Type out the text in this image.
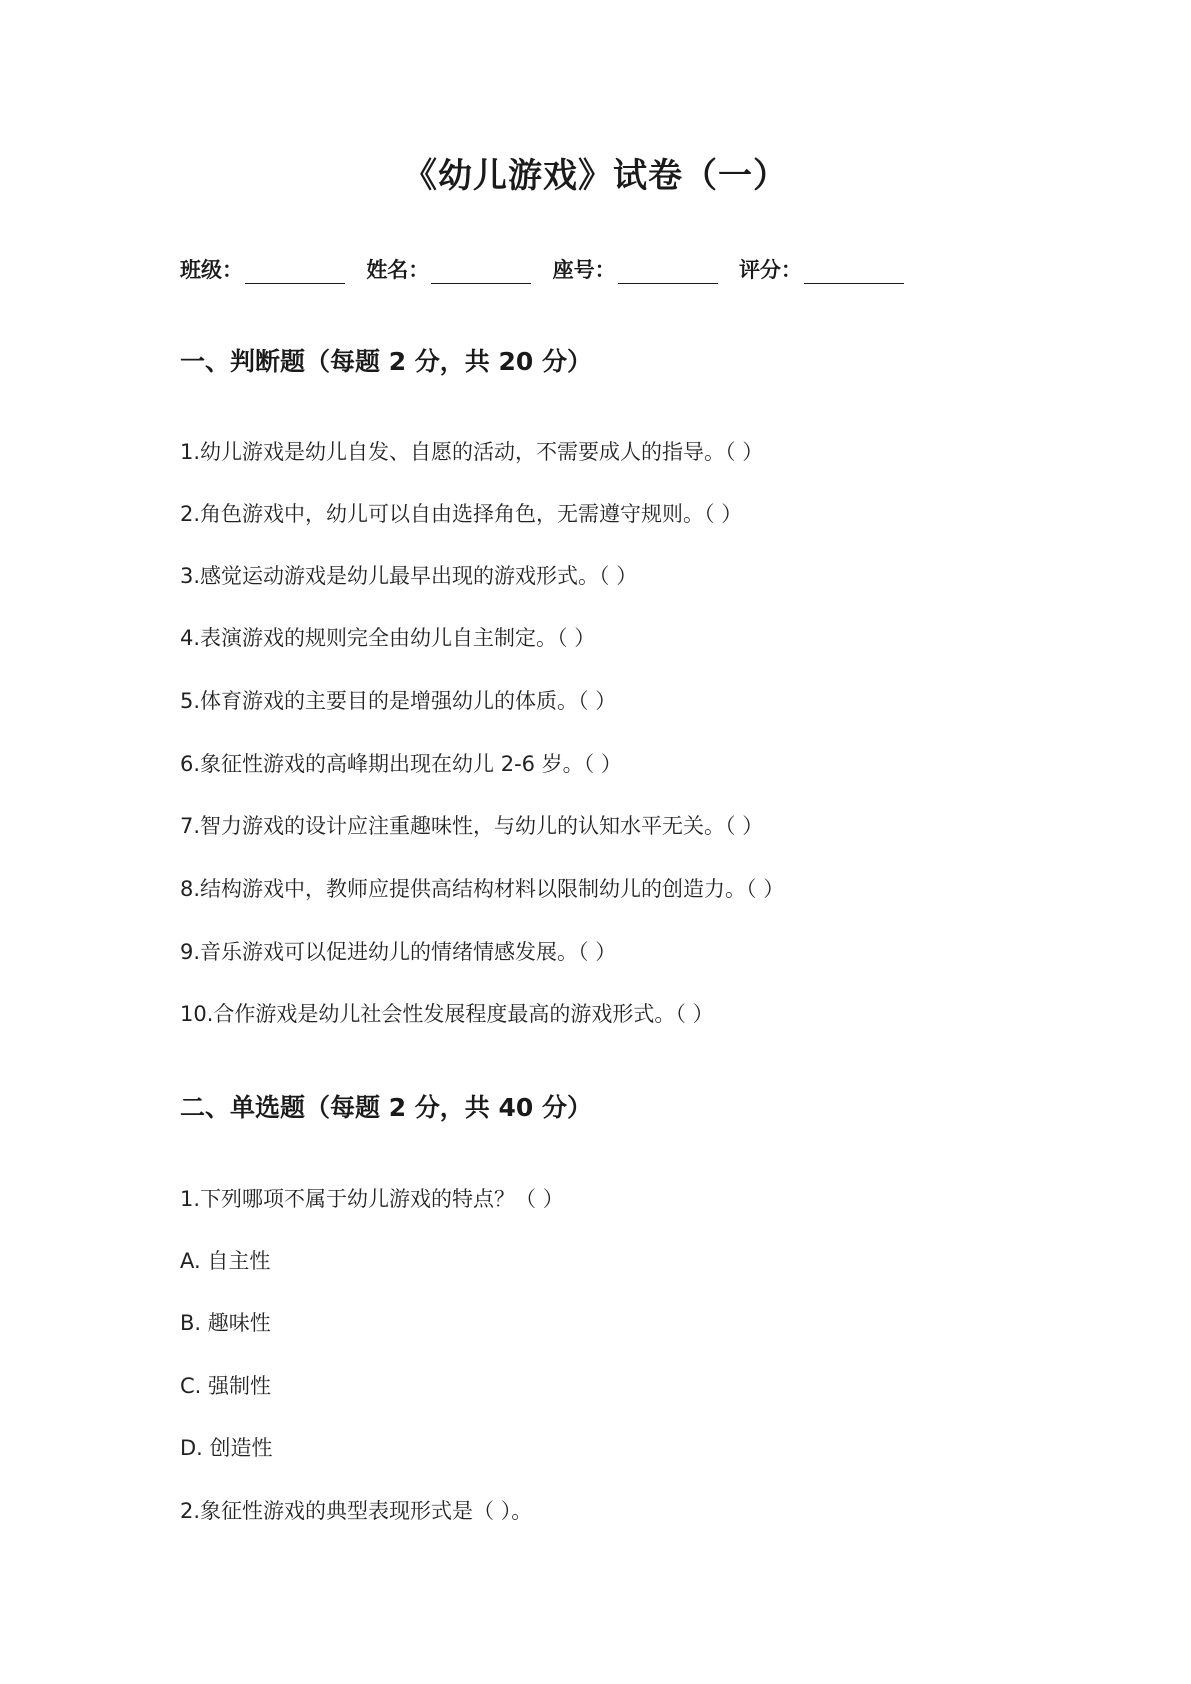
《幼儿游戏》试卷（一）
班级：	姓名：	座号：	评分：
一、判断题（每题 2 分，共 20 分）
1.幼儿游戏是幼儿自发、自愿的活动，不需要成人的指导。（ ）
2.角色游戏中，幼儿可以自由选择角色，无需遵守规则。（ ）
3.感觉运动游戏是幼儿最早出现的游戏形式。（ ）
4.表演游戏的规则完全由幼儿自主制定。（ ）
5.体育游戏的主要目的是增强幼儿的体质。（ ）
6.象征性游戏的高峰期出现在幼儿 2-6 岁。（ ）
7.智力游戏的设计应注重趣味性，与幼儿的认知水平无关。（ ）
8.结构游戏中，教师应提供高结构材料以限制幼儿的创造力。（ ）
9.音乐游戏可以促进幼儿的情绪情感发展。（ ）
10.合作游戏是幼儿社会性发展程度最高的游戏形式。（ ）
二、单选题（每题 2 分，共 40 分）
1.下列哪项不属于幼儿游戏的特点？（ ）
A. 自主性
B. 趣味性
C. 强制性
D. 创造性
2.象征性游戏的典型表现形式是（ ）。
